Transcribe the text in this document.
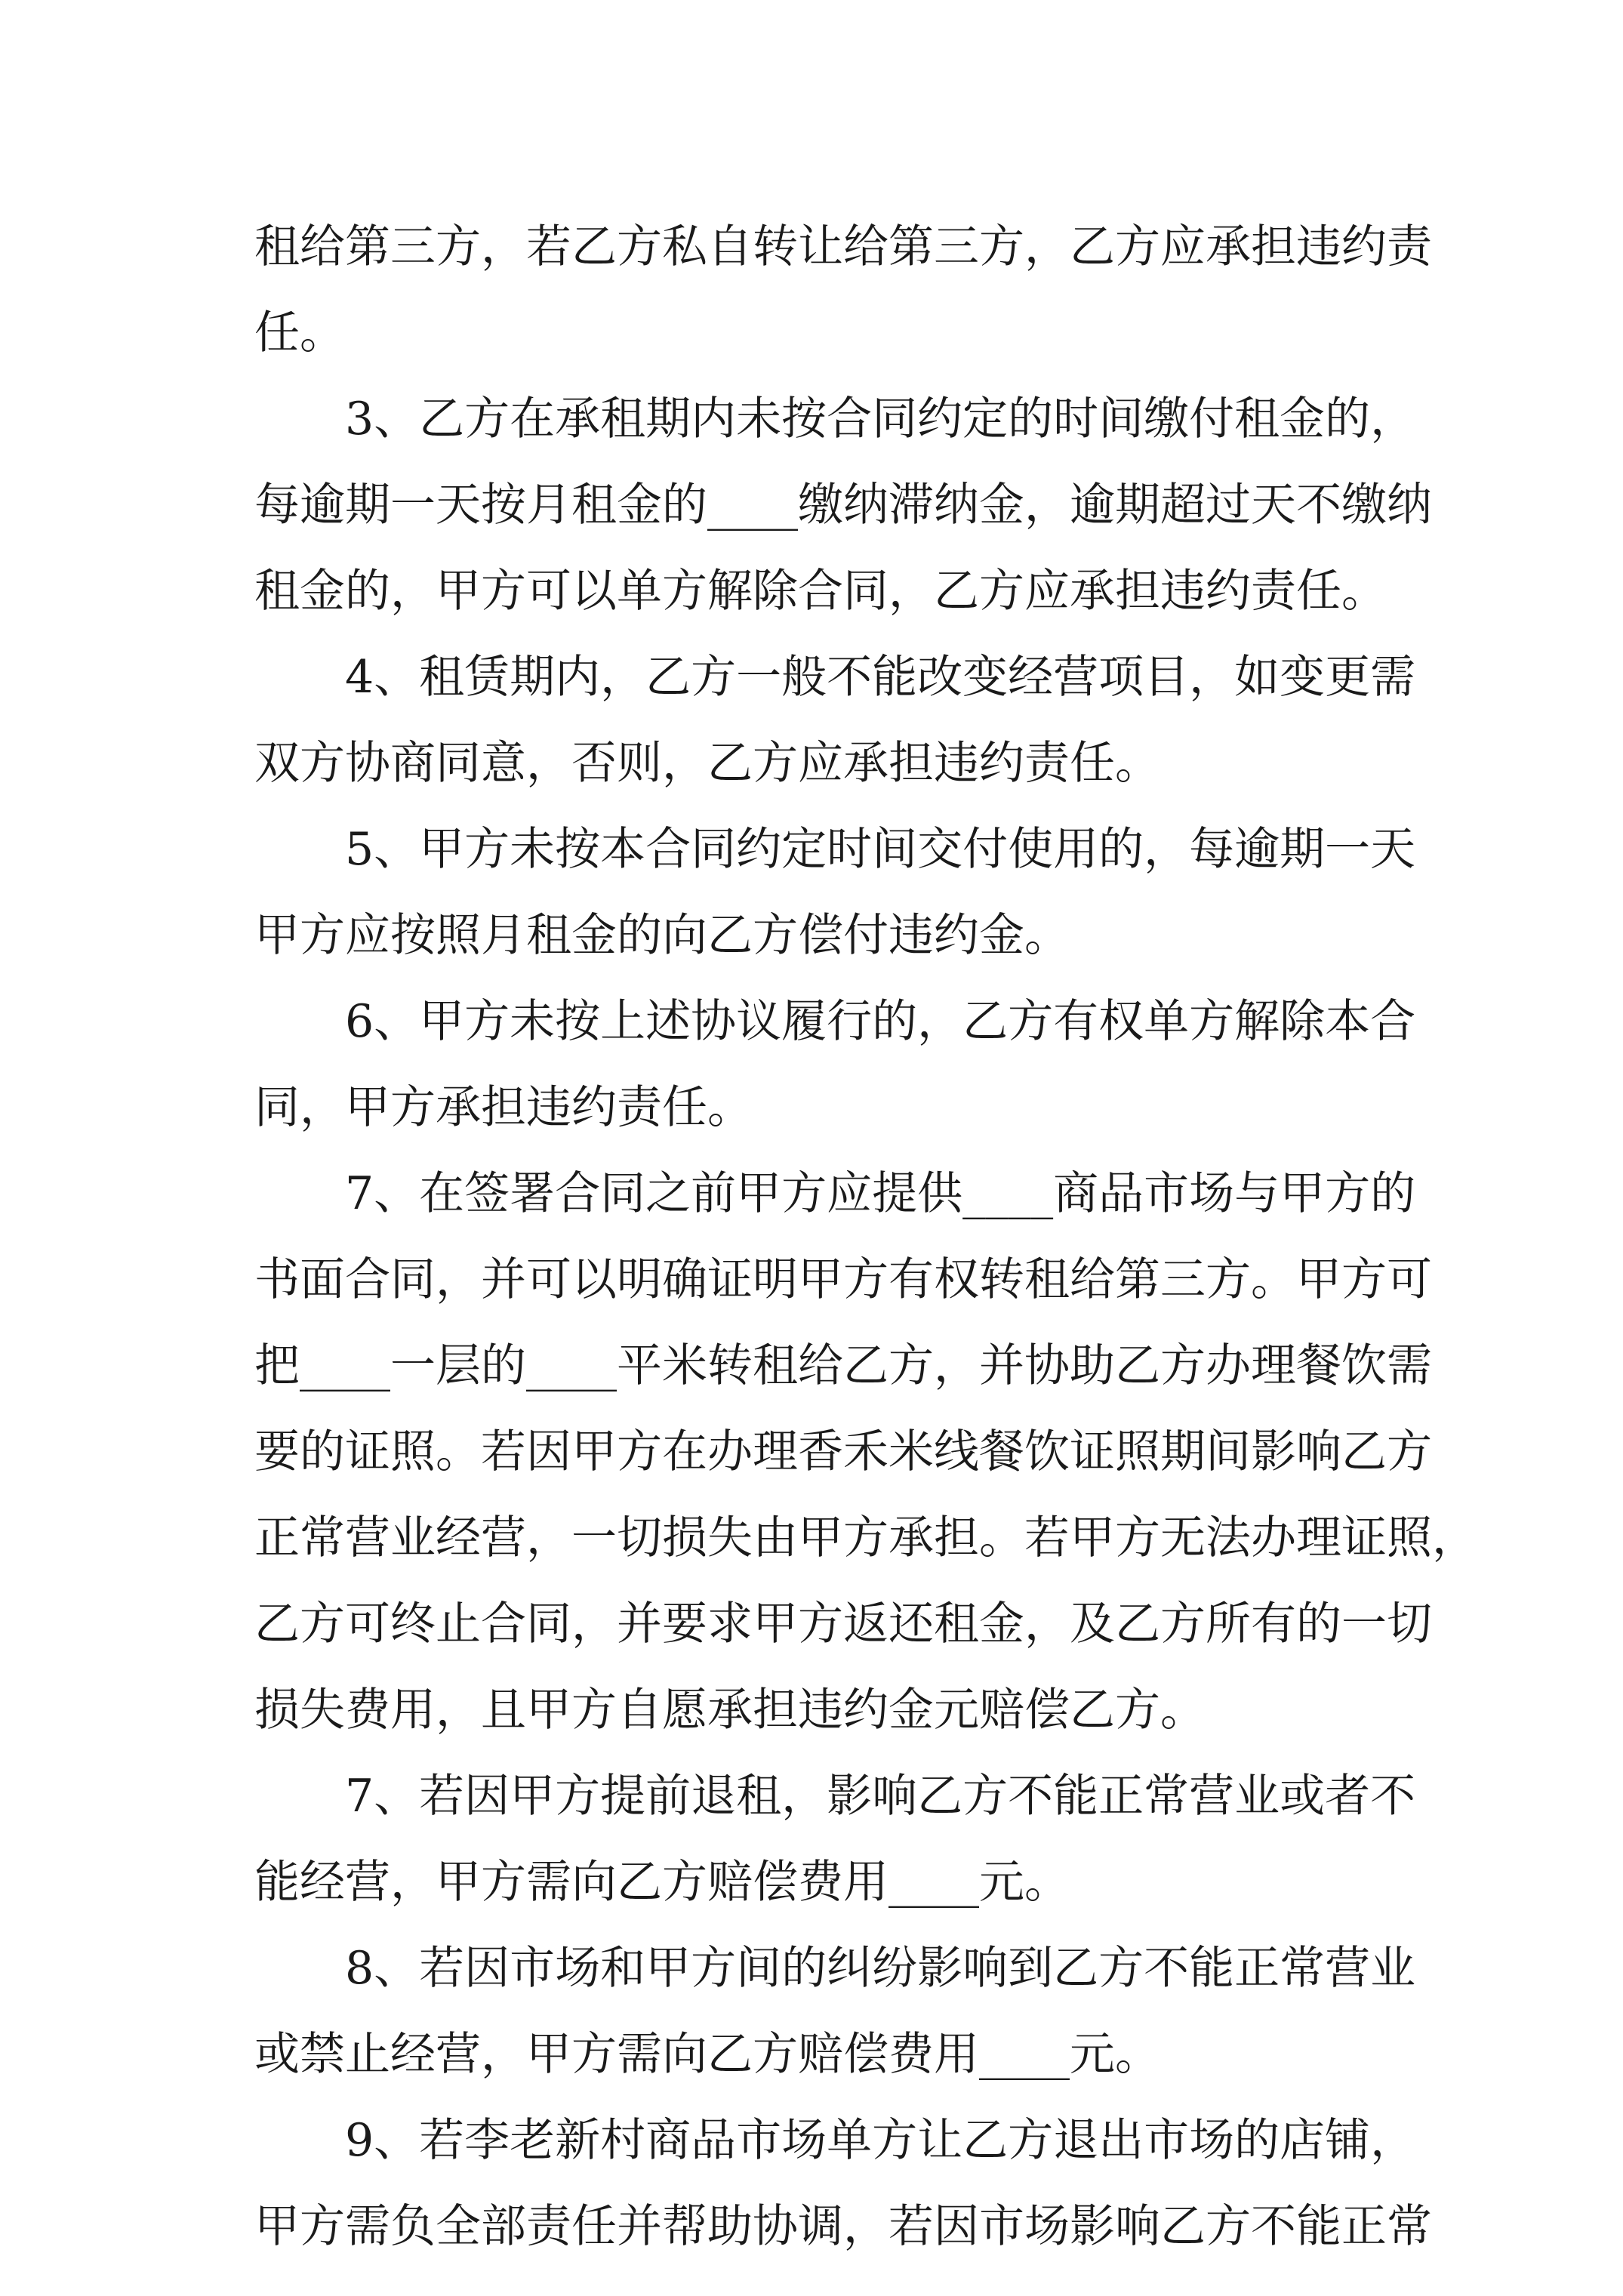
租给第三方，若乙方私自转让给第三方，乙方应承担违约责
任。
3、乙方在承租期内未按合同约定的时间缴付租金的，
每逾期一天按月租金的____缴纳滞纳金，逾期超过天不缴纳
租金的，甲方可以单方解除合同，乙方应承担违约责任。
4、租赁期内，乙方一般不能改变经营项目，如变更需
双方协商同意，否则，乙方应承担违约责任。
5、甲方未按本合同约定时间交付使用的，每逾期一天
甲方应按照月租金的向乙方偿付违约金。
6、甲方未按上述协议履行的，乙方有权单方解除本合
同，甲方承担违约责任。
7、在签署合同之前甲方应提供____商品市场与甲方的
书面合同，并可以明确证明甲方有权转租给第三方。甲方可
把____一层的____平米转租给乙方，并协助乙方办理餐饮需
要的证照。若因甲方在办理香禾米线餐饮证照期间影响乙方
正常营业经营，一切损失由甲方承担。若甲方无法办理证照，
乙方可终止合同，并要求甲方返还租金，及乙方所有的一切
损失费用，且甲方自愿承担违约金元赔偿乙方。
7、若因甲方提前退租，影响乙方不能正常营业或者不
能经营，甲方需向乙方赔偿费用____元。
8、若因市场和甲方间的纠纷影响到乙方不能正常营业
或禁止经营，甲方需向乙方赔偿费用____元。
9、若李老新村商品市场单方让乙方退出市场的店铺，
甲方需负全部责任并帮助协调，若因市场影响乙方不能正常
